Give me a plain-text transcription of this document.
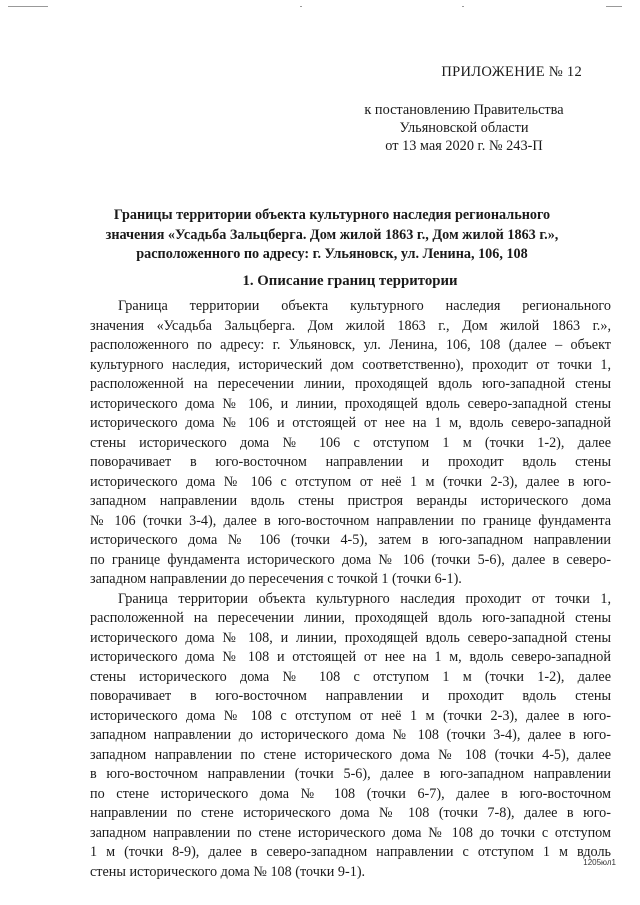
ПРИЛОЖЕНИЕ № 12
к постановлению Правительства
Ульяновской области
от 13 мая 2020 г. № 243-П
Границы территории объекта культурного наследия регионального
значения «Усадьба Зальцберга. Дом жилой 1863 г., Дом жилой 1863 г.»,
расположенного по адресу: г. Ульяновск, ул. Ленина, 106, 108
1. Описание границ территории
Граница территории объекта культурного наследия регионального
значения «Усадьба Зальцберга. Дом жилой 1863 г., Дом жилой 1863 г.»,
расположенного по адресу: г. Ульяновск, ул. Ленина, 106, 108 (далее – объект
культурного наследия, исторический дом соответственно), проходит от точки 1,
расположенной на пересечении линии, проходящей вдоль юго-западной стены
исторического дома № 106, и линии, проходящей вдоль северо-западной стены
исторического дома № 106 и отстоящей от нее на 1 м, вдоль северо-западной
стены исторического дома № 106 с отступом 1 м (точки 1-2), далее
поворачивает в юго-восточном направлении и проходит вдоль стены
исторического дома № 106 с отступом от неё 1 м (точки 2-3), далее в юго-
западном направлении вдоль стены пристроя веранды исторического дома
№ 106 (точки 3-4), далее в юго-восточном направлении по границе фундамента
исторического дома № 106 (точки 4-5), затем в юго-западном направлении
по границе фундамента исторического дома № 106 (точки 5-6), далее в северо-
западном направлении до пересечения с точкой 1 (точки 6-1).
Граница территории объекта культурного наследия проходит от точки 1,
расположенной на пересечении линии, проходящей вдоль юго-западной стены
исторического дома № 108, и линии, проходящей вдоль северо-западной стены
исторического дома № 108 и отстоящей от нее на 1 м, вдоль северо-западной
стены исторического дома № 108 с отступом 1 м (точки 1-2), далее
поворачивает в юго-восточном направлении и проходит вдоль стены
исторического дома № 108 с отступом от неё 1 м (точки 2-3), далее в юго-
западном направлении до исторического дома № 108 (точки 3-4), далее в юго-
западном направлении по стене исторического дома № 108 (точки 4-5), далее
в юго-восточном направлении (точки 5-6), далее в юго-западном направлении
по стене исторического дома № 108 (точки 6-7), далее в юго-восточном
направлении по стене исторического дома № 108 (точки 7-8), далее в юго-
западном направлении по стене исторического дома № 108 до точки с отступом
1 м (точки 8-9), далее в северо-западном направлении с отступом 1 м вдоль
стены исторического дома № 108 (точки 9-1).
1205юл1
